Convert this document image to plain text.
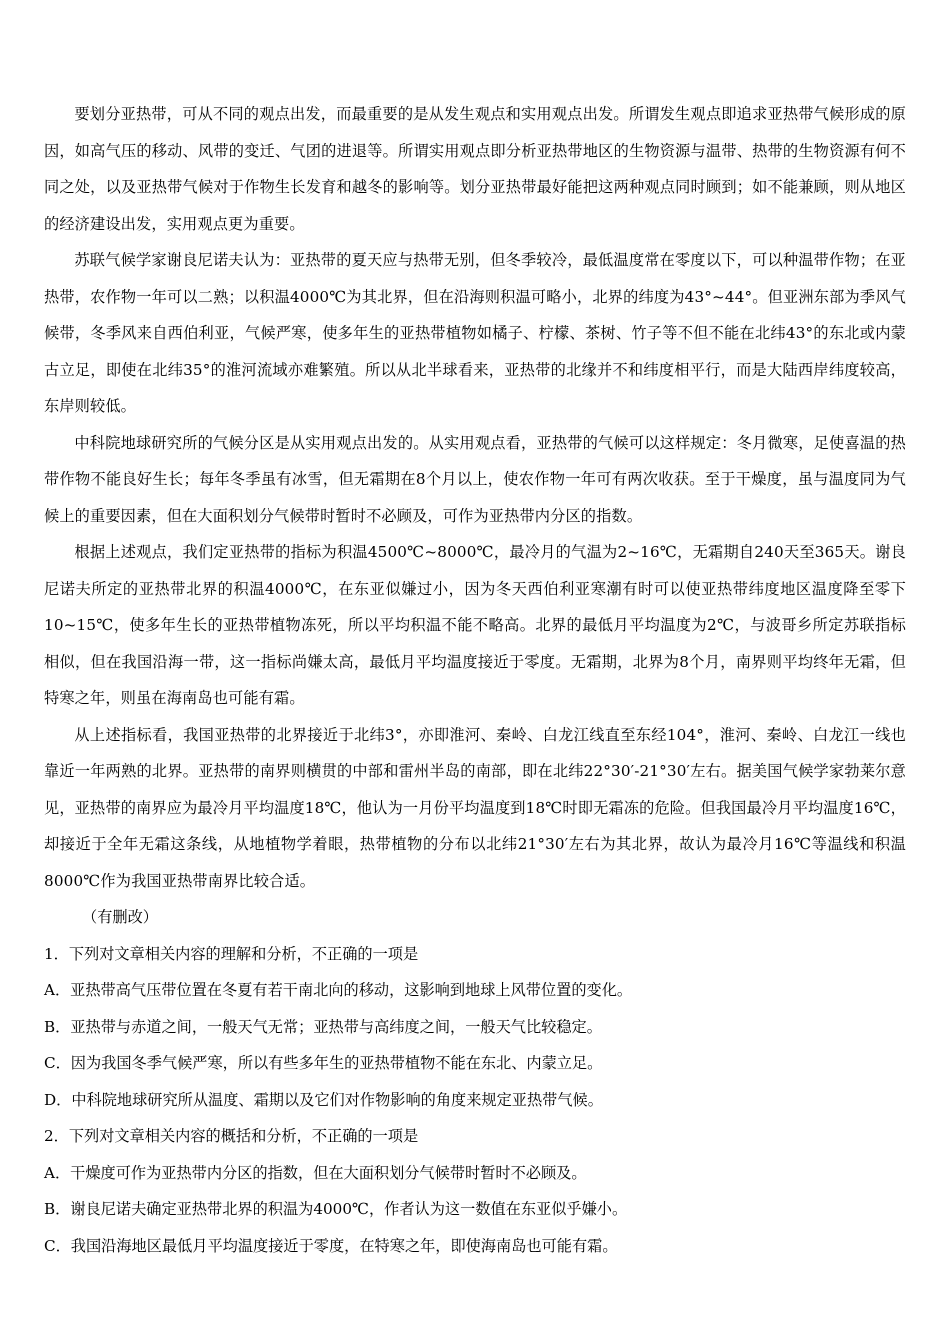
要划分亚热带，可从不同的观点出发，而最重要的是从发生观点和实用观点出发。所谓发生观点即追求亚热带气候形成的原因，如高气压的移动、风带的变迁、气团的进退等。所谓实用观点即分析亚热带地区的生物资源与温带、热带的生物资源有何不同之处，以及亚热带气候对于作物生长发育和越冬的影响等。划分亚热带最好能把这两种观点同时顾到；如不能兼顾，则从地区的经济建设出发，实用观点更为重要。

苏联气候学家谢良尼诺夫认为：亚热带的夏天应与热带无别，但冬季较冷，最低温度常在零度以下，可以种温带作物；在亚热带，农作物一年可以二熟；以积温4000℃为其北界，但在沿海则积温可略小，北界的纬度为43°~44°。但亚洲东部为季风气候带，冬季风来自西伯利亚，气候严寒，使多年生的亚热带植物如橘子、柠檬、茶树、竹子等不但不能在北纬43°的东北或内蒙古立足，即使在北纬35°的淮河流域亦难繁殖。所以从北半球看来，亚热带的北缘并不和纬度相平行，而是大陆西岸纬度较高，东岸则较低。

中科院地球研究所的气候分区是从实用观点出发的。从实用观点看，亚热带的气候可以这样规定：冬月微寒，足使喜温的热带作物不能良好生长；每年冬季虽有冰雪，但无霜期在8个月以上，使农作物一年可有两次收获。至于干燥度，虽与温度同为气候上的重要因素，但在大面积划分气候带时暂时不必顾及，可作为亚热带内分区的指数。

根据上述观点，我们定亚热带的指标为积温4500℃~8000℃，最冷月的气温为2~16℃，无霜期自240天至365天。谢良尼诺夫所定的亚热带北界的积温4000℃，在东亚似嫌过小，因为冬天西伯利亚寒潮有时可以使亚热带纬度地区温度降至零下10~15℃，使多年生长的亚热带植物冻死，所以平均积温不能不略高。北界的最低月平均温度为2℃，与波哥乡所定苏联指标相似，但在我国沿海一带，这一指标尚嫌太高，最低月平均温度接近于零度。无霜期，北界为8个月，南界则平均终年无霜，但特寒之年，则虽在海南岛也可能有霜。

从上述指标看，我国亚热带的北界接近于北纬3°，亦即淮河、秦岭、白龙江线直至东经104°，淮河、秦岭、白龙江一线也靠近一年两熟的北界。亚热带的南界则横贯的中部和雷州半岛的南部，即在北纬22°30′-21°30′左右。据美国气候学家勃莱尔意见，亚热带的南界应为最冷月平均温度18℃，他认为一月份平均温度到18℃时即无霜冻的危险。但我国最冷月平均温度16℃，却接近于全年无霜这条线，从地植物学着眼，热带植物的分布以北纬21°30′左右为其北界，故认为最冷月16℃等温线和积温8000℃作为我国亚热带南界比较合适。

（有删改）

1．下列对文章相关内容的理解和分析，不正确的一项是

A．亚热带高气压带位置在冬夏有若干南北向的移动，这影响到地球上风带位置的变化。

B．亚热带与赤道之间，一般天气无常；亚热带与高纬度之间，一般天气比较稳定。

C．因为我国冬季气候严寒，所以有些多年生的亚热带植物不能在东北、内蒙立足。

D．中科院地球研究所从温度、霜期以及它们对作物影响的角度来规定亚热带气候。

2．下列对文章相关内容的概括和分析，不正确的一项是

A．干燥度可作为亚热带内分区的指数，但在大面积划分气候带时暂时不必顾及。

B．谢良尼诺夫确定亚热带北界的积温为4000℃，作者认为这一数值在东亚似乎嫌小。

C．我国沿海地区最低月平均温度接近于零度，在特寒之年，即使海南岛也可能有霜。
